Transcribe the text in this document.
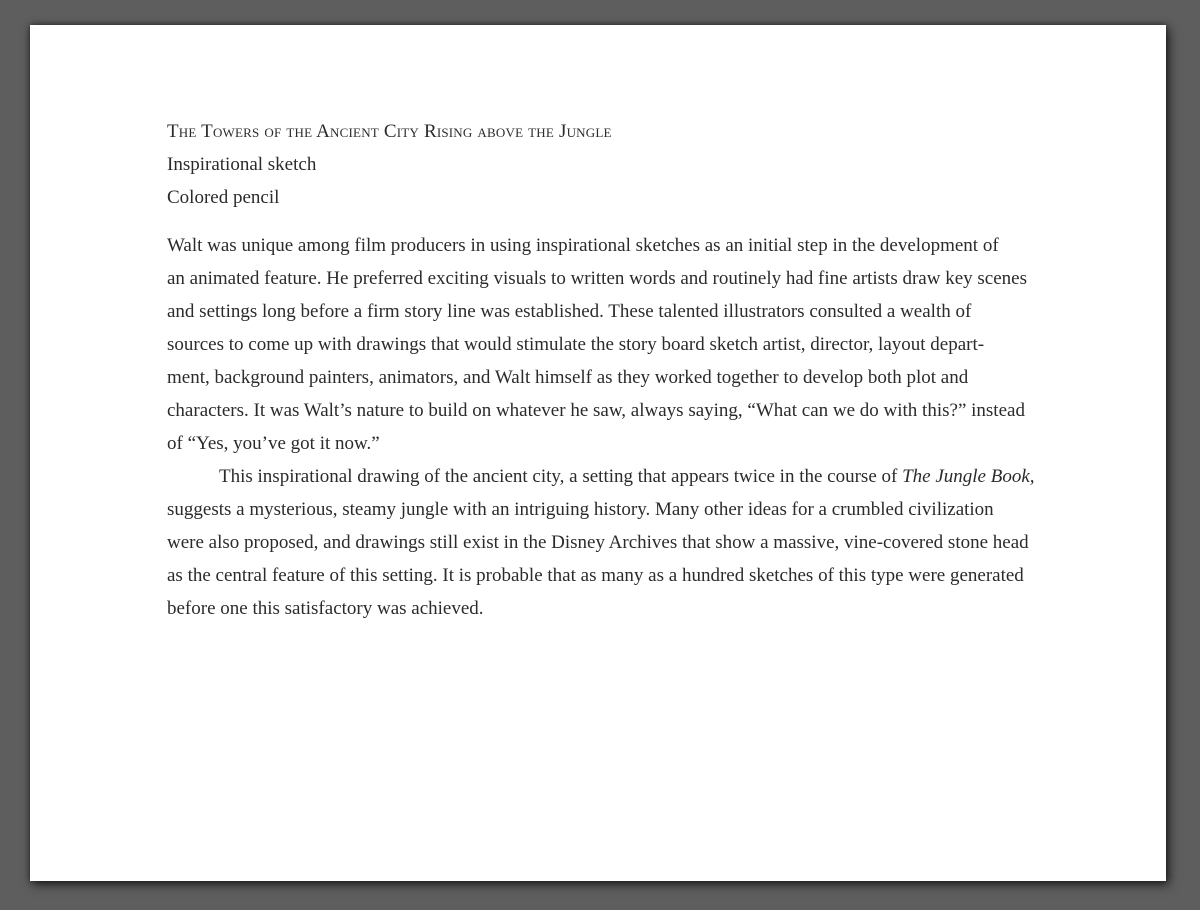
The Towers of the Ancient City Rising above the Jungle

Inspirational sketch

Colored pencil

Walt was unique among film producers in using inspirational sketches as an initial step in the development of
an animated feature. He preferred exciting visuals to written words and routinely had fine artists draw key scenes
and settings long before a firm story line was established. These talented illustrators consulted a wealth of
sources to come up with drawings that would stimulate the story board sketch artist, director, layout depart-
ment, background painters, animators, and Walt himself as they worked together to develop both plot and
characters. It was Walt’s nature to build on whatever he saw, always saying, “What can we do with this?” instead
of “Yes, you’ve got it now.”

This inspirational drawing of the ancient city, a setting that appears twice in the course of The Jungle Book,
suggests a mysterious, steamy jungle with an intriguing history. Many other ideas for a crumbled civilization
were also proposed, and drawings still exist in the Disney Archives that show a massive, vine-covered stone head
as the central feature of this setting. It is probable that as many as a hundred sketches of this type were generated
before one this satisfactory was achieved.
